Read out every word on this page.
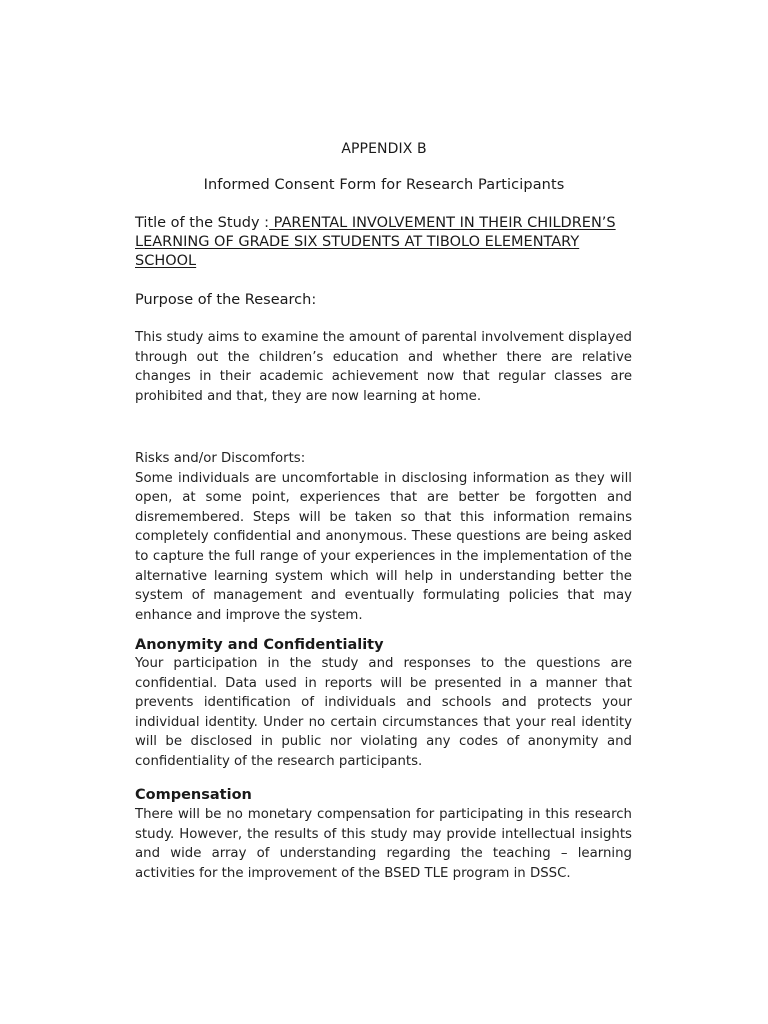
APPENDIX B
Informed Consent Form for Research Participants
Title of the Study : PARENTAL INVOLVEMENT IN THEIR CHILDREN’S LEARNING OF GRADE SIX STUDENTS AT TIBOLO ELEMENTARY SCHOOL
Purpose of the Research:
This study aims to examine the amount of parental involvement displayed through out the children’s education and whether there are relative changes in their academic achievement now that regular classes are prohibited and that, they are now learning at home.
Risks and/or Discomforts:
Some individuals are uncomfortable in disclosing information as they will open, at some point, experiences that are better be forgotten and disremembered. Steps will be taken so that this information remains completely confidential and anonymous. These questions are being asked to capture the full range of your experiences in the implementation of the alternative learning system which will help in understanding better the system of management and eventually formulating policies that may enhance and improve the system.
Anonymity and Confidentiality
Your participation in the study and responses to the questions are confidential. Data used in reports will be presented in a manner that prevents identification of individuals and schools and protects your individual identity. Under no certain circumstances that your real identity will be disclosed in public nor violating any codes of anonymity and confidentiality of the research participants.
Compensation
There will be no monetary compensation for participating in this research study. However, the results of this study may provide intellectual insights and wide array of understanding regarding the teaching – learning activities for the improvement of the BSED TLE program in DSSC.
